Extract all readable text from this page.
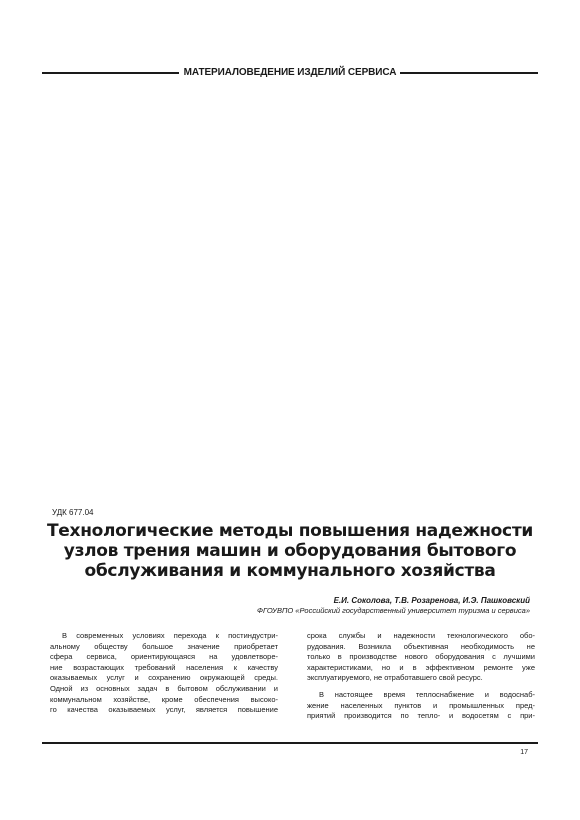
МАТЕРИАЛОВЕДЕНИЕ ИЗДЕЛИЙ СЕРВИСА
УДК 677.04
Технологические методы повышения надежности
узлов трения машин и оборудования бытового
обслуживания и коммунального хозяйства
Е.И. Соколова, Т.В. Розаренова, И.Э. Пашковский
ФГОУВПО «Российский государственный университет туризма и сервиса»
В современных условиях перехода к постиндустри-
альному обществу большое значение приобретает
сфера сервиса, ориентирующаяся на удовлетворе-
ние возрастающих требований населения к качеству
оказываемых услуг и сохранению окружающей среды.
Одной из основных задач в бытовом обслуживании и
коммунальном хозяйстве, кроме обеспечения высоко-
го качества оказываемых услуг, является повышение
срока службы и надежности технологического обо-
рудования. Возникла объективная необходимость не
только в производстве нового оборудования с лучшими
характеристиками, но и в эффективном ремонте уже
эксплуатируемого, не отработавшего свой ресурс.
В настоящее время теплоснабжение и водоснаб-
жение населенных пунктов и промышленных пред-
приятий производится по тепло- и водосетям с при-
17
